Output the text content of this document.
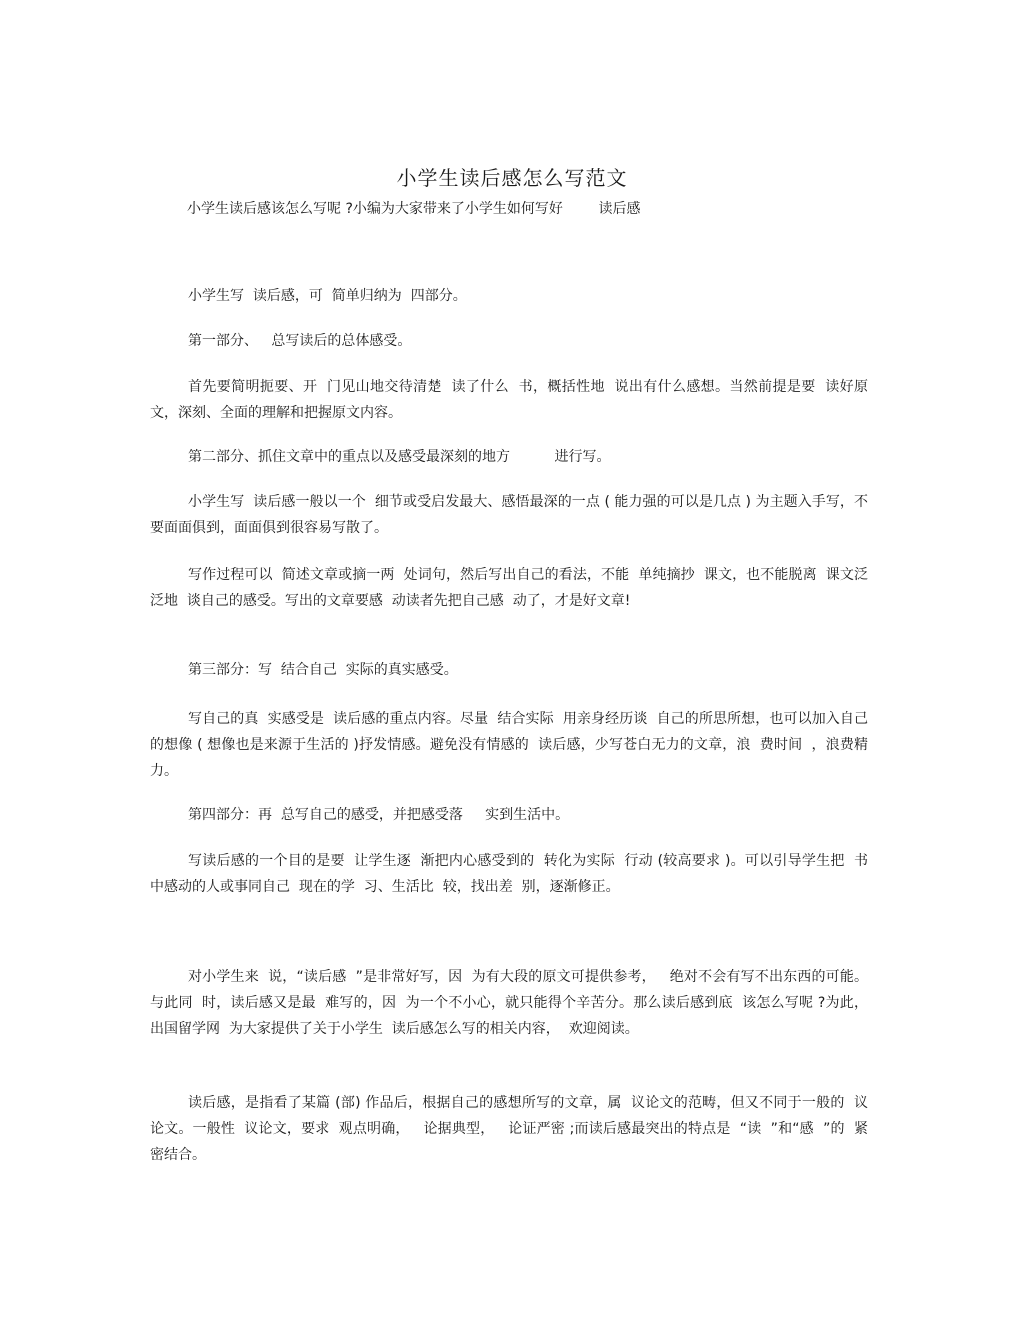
小学生读后感怎么写范文

小学生读后感该怎么写呢 ?小编为大家带来了小学生如何写好        读后感

小学生写  读后感，可  简单归纳为  四部分。

第一部分、   总写读后的总体感受。

首先要简明扼要、开  门见山地交待清楚  读了什么  书，概括性地  说出有什么感想。当然前提是要  读好原文，深刻、全面的理解和把握原文内容。

第二部分、抓住文章中的重点以及感受最深刻的地方          进行写。

小学生写  读后感一般以一个  细节或受启发最大、感悟最深的一点 ( 能力强的可以是几点 ) 为主题入手写，不要面面俱到，面面俱到很容易写散了。

写作过程可以  简述文章或摘一两  处词句，然后写出自己的看法，不能  单纯摘抄  课文，也不能脱离  课文泛泛地  谈自己的感受。写出的文章要感  动读者先把自己感  动了，才是好文章!

第三部分：写  结合自己  实际的真实感受。

写自己的真  实感受是  读后感的重点内容。尽量  结合实际  用亲身经历谈  自己的所思所想，也可以加入自己的想像 ( 想像也是来源于生活的 )抒发情感。避免没有情感的  读后感，少写苍白无力的文章，浪  费时间  ，浪费精力。

第四部分：再  总写自己的感受，并把感受落     实到生活中。

写读后感的一个目的是要  让学生逐  渐把内心感受到的  转化为实际  行动 (较高要求 )。可以引导学生把  书中感动的人或事同自己  现在的学  习、生活比  较，找出差  别，逐渐修正。

对小学生来  说，“读后感  ”是非常好写，因  为有大段的原文可提供参考，   绝对不会有写不出东西的可能。与此同  时，读后感又是最  难写的，因  为一个不小心，就只能得个辛苦分。那么读后感到底  该怎么写呢 ?为此，出国留学网  为大家提供了关于小学生  读后感怎么写的相关内容，  欢迎阅读。

读后感，是指看了某篇 (部) 作品后，根据自己的感想所写的文章，属  议论文的范畴，但又不同于一般的  议论文。一般性  议论文，要求  观点明确，   论据典型，   论证严密 ;而读后感最突出的特点是  “读  ”和“感  ”的  紧密结合。
